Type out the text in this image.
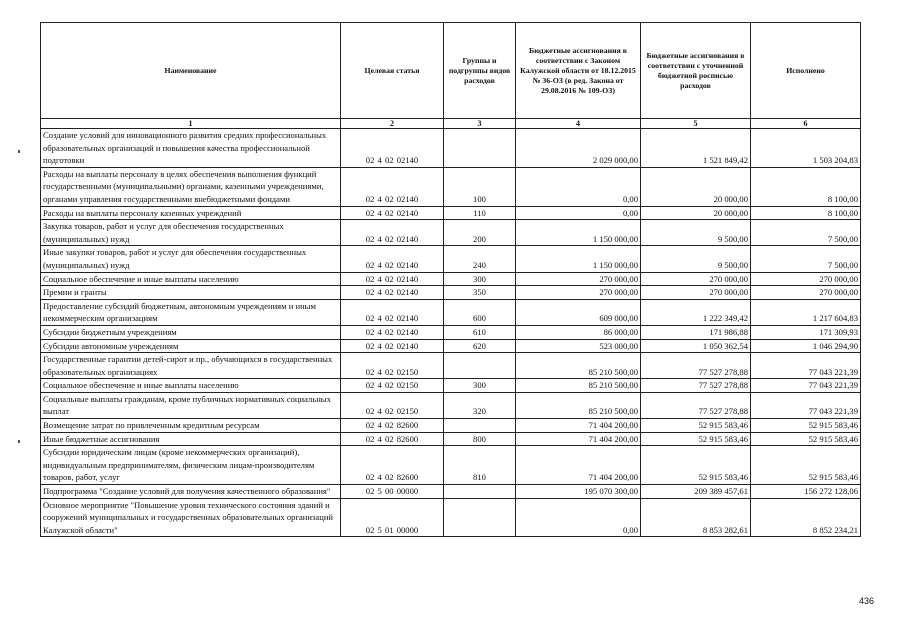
Наименование	Целевая статья	Группы и подгруппы видов расходов	Бюджетные ассигнования в соответствии с Законом Калужской области от 18.12.2015 № 36-ОЗ (в ред. Закона от 29.08.2016 № 109-ОЗ)	Бюджетные ассигнования в соответствии с уточненной бюджетной росписью расходов	Исполнено
1	2	3	4	5	6
Создание условий для инновационного развития средних профессиональных образовательных организаций и повышения качества профессиональной подготовки	02 4 02 02140		2 029 000,00	1 521 849,42	1 503 204,83
Расходы на выплаты персоналу в целях обеспечения выполнения функций государственными (муниципальными) органами, казенными учреждениями, органами управления государственными внебюджетными фондами	02 4 02 02140	100	0,00	20 000,00	8 100,00
Расходы на выплаты персоналу казенных учреждений	02 4 02 02140	110	0,00	20 000,00	8 100,00
Закупка товаров, работ и услуг для обеспечения государственных (муниципальных) нужд	02 4 02 02140	200	1 150 000,00	9 500,00	7 500,00
Иные закупки товаров, работ и услуг для обеспечения государственных (муниципальных) нужд	02 4 02 02140	240	1 150 000,00	9 500,00	7 500,00
Социальное обеспечение и иные выплаты населению	02 4 02 02140	300	270 000,00	270 000,00	270 000,00
Премии и гранты	02 4 02 02140	350	270 000,00	270 000,00	270 000,00
Предоставление субсидий бюджетным, автономным учреждениям и иным некоммерческим организациям	02 4 02 02140	600	609 000,00	1 222 349,42	1 217 604,83
Субсидии бюджетным учреждениям	02 4 02 02140	610	86 000,00	171 986,88	171 309,93
Субсидии автономным учреждениям	02 4 02 02140	620	523 000,00	1 050 362,54	1 046 294,90
Государственные гарантии детей-сирот и пр., обучающихся в государственных образовательных организациях	02 4 02 02150		85 210 500,00	77 527 278,88	77 043 221,39
Социальное обеспечение и иные выплаты населению	02 4 02 02150	300	85 210 500,00	77 527 278,88	77 043 221,39
Социальные выплаты гражданам, кроме публичных нормативных социальных выплат	02 4 02 02150	320	85 210 500,00	77 527 278,88	77 043 221,39
Возмещение затрат по привлеченным кредитным ресурсам	02 4 02 82600		71 404 200,00	52 915 583,46	52 915 583,46
Иные бюджетные ассигнования	02 4 02 82600	800	71 404 200,00	52 915 583,46	52 915 583,46
Субсидии юридическим лицам (кроме некоммерческих организаций), индивидуальным предпринимателям, физическим лицам-производителям товаров, работ, услуг	02 4 02 82600	810	71 404 200,00	52 915 583,46	52 915 583,46
Подпрограмма "Создание условий для получения качественного образования"	02 5 00 00000		195 070 300,00	209 389 457,61	156 272 128,06
Основное мероприятие "Повышение уровня технического состояния зданий и сооружений муниципальных и государственных образовательных организаций Калужской области"	02 5 01 00000		0,00	8 853 282,61	8 852 234,21
436
